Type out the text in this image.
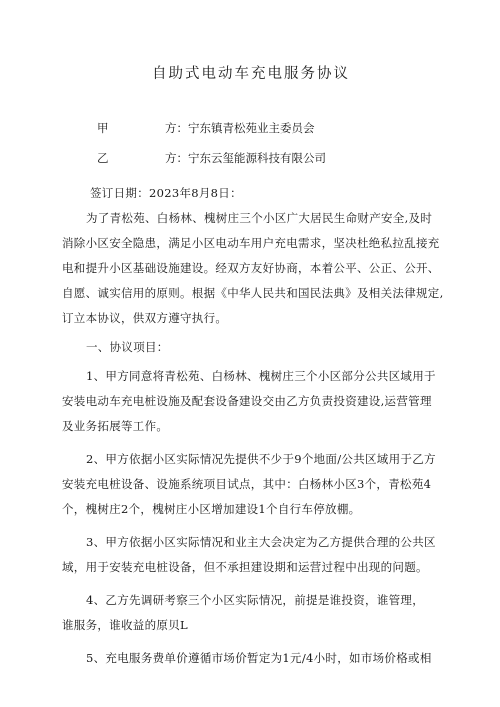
自助式电动车充电服务协议
甲	方：宁东镇青松苑业主委员会
乙	方：宁东云玺能源科技有限公司

签订日期：2023年8月8日：

为了青松苑、白杨林、槐树庄三个小区广大居民生命财产安全,及时
消除小区安全隐患，满足小区电动车用户充电需求，坚决杜绝私拉乱接充
电和提升小区基础设施建设。经双方友好协商，本着公平、公正、公开、
自愿、诚实信用的原则。根据《中华人民共和国民法典》及相关法律规定,
订立本协议，供双方遵守执行。

一、协议项目：

1、甲方同意将青松苑、白杨林、槐树庄三个小区部分公共区域用于
安装电动车充电桩设施及配套设备建设交由乙方负责投资建设,运营管理
及业务拓展等工作。
2、甲方依据小区实际情况先提供不少于9个地面/公共区域用于乙方
安装充电桩设备、设施系统项目试点，其中：白杨林小区3个，青松苑4
个，槐树庄2个，槐树庄小区增加建设1个自行车停放棚。
3、甲方依据小区实际情况和业主大会决定为乙方提供合理的公共区
域，用于安装充电桩设备，但不承担建设期和运营过程中出现的问题。
4、乙方先调研考察三个小区实际情况，前提是谁投资，谁管理，
谁服务，谁收益的原贝L
5、充电服务费单价遵循市场价暂定为1元/4小时，如市场价格或相
